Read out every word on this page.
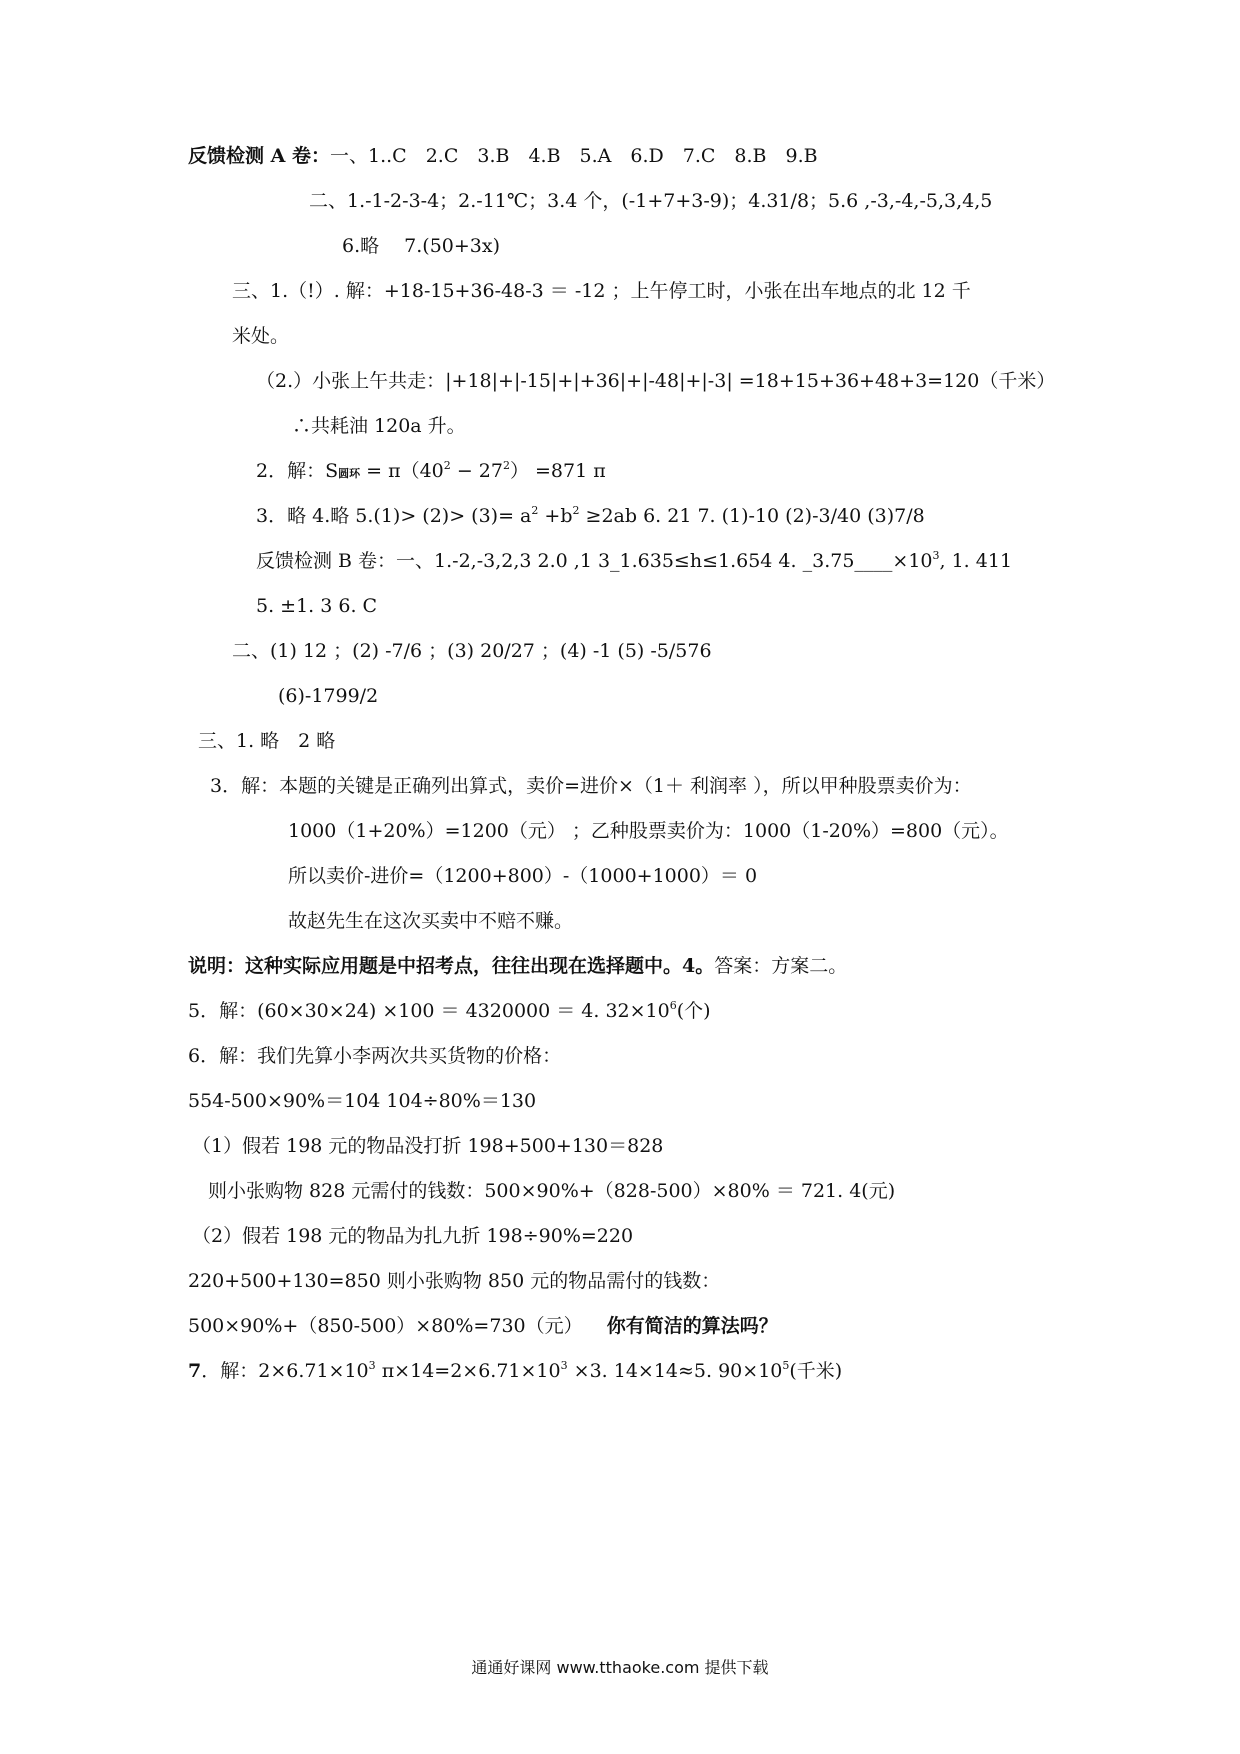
反馈检测 A 卷：一、1..C　2.C　3.B　4.B　5.A　6.D　7.C　8.B　9.B
二、1.-1-2-3-4；2.-11℃；3.4 个，(-1+7+3-9)；4.31/8；5.6 ,-3,-4,-5,3,4,5
6.略　 7.(50+3x)
三、1.（!）. 解：+18-15+36-48-3 ＝ -12 ；上午停工时，小张在出车地点的北 12 千
米处。
（2.）小张上午共走：|+18|+|-15|+|+36|+|-48|+|-3| =18+15+36+48+3=120（千米）
∴共耗油 120a 升。
2．解：S圆环 = $\pi(40^2 - 27^2) =871$ π
3．略 4.略 $5.(1)> (2)> (3)= a^2 +b^2 \ge 2ab$ 6. 21 7. (1)-10 (2)-3/40 (3)7/8
反馈检测 B 卷：一、1.-2,-3,2,3 2.0 ,1 3_1.635≤h≤1.654 4. $\_3.75\_\_\_\_\times 10^3$, 1. 411
5. ±1. 3 6. C
二、(1) 12 ；(2) -7/6 ；(3) 20/27 ；(4) -1 (5) -5/576
(6)-1799/2
三、1. 略　2 略
3．解：本题的关键是正确列出算式，卖价=进价×（1＋ 利润率 ），所以甲种股票卖价为：
1000（1+20%）=1200（元） ；乙种股票卖价为：1000（1-20%）=800（元）。
所以卖价-进价=（1200+800）-（1000+1000）＝ 0
故赵先生在这次买卖中不赔不赚。
说明：这种实际应用题是中招考点，往往出现在选择题中。4。答案：方案二。
5．解：(60×30×24) ×100 ＝ 4320000 ＝ 4. $32\times 10^6$(个)
6．解：我们先算小李两次共买货物的价格：
554-500×90%＝104 104÷80%＝130
（1）假若 198 元的物品没打折 198+500+130＝828
则小张购物 828 元需付的钱数：500×90%+（828-500）×80% ＝ 721. 4(元)
（2）假若 198 元的物品为扎九折 198÷90%=220
220+500+130=850 则小张购物 850 元的物品需付的钱数：
500×90%+（850-500）×80%=730（元） 你有简洁的算法吗？
7．解：$2\times 6.71\times 10^3$ $\pi\times 14=2\times 6.71\times 10^3 \times 3$. 14×14≈5. $90\times 10^5$(千米)
通通好课网 www.tthaoke.com 提供下载
